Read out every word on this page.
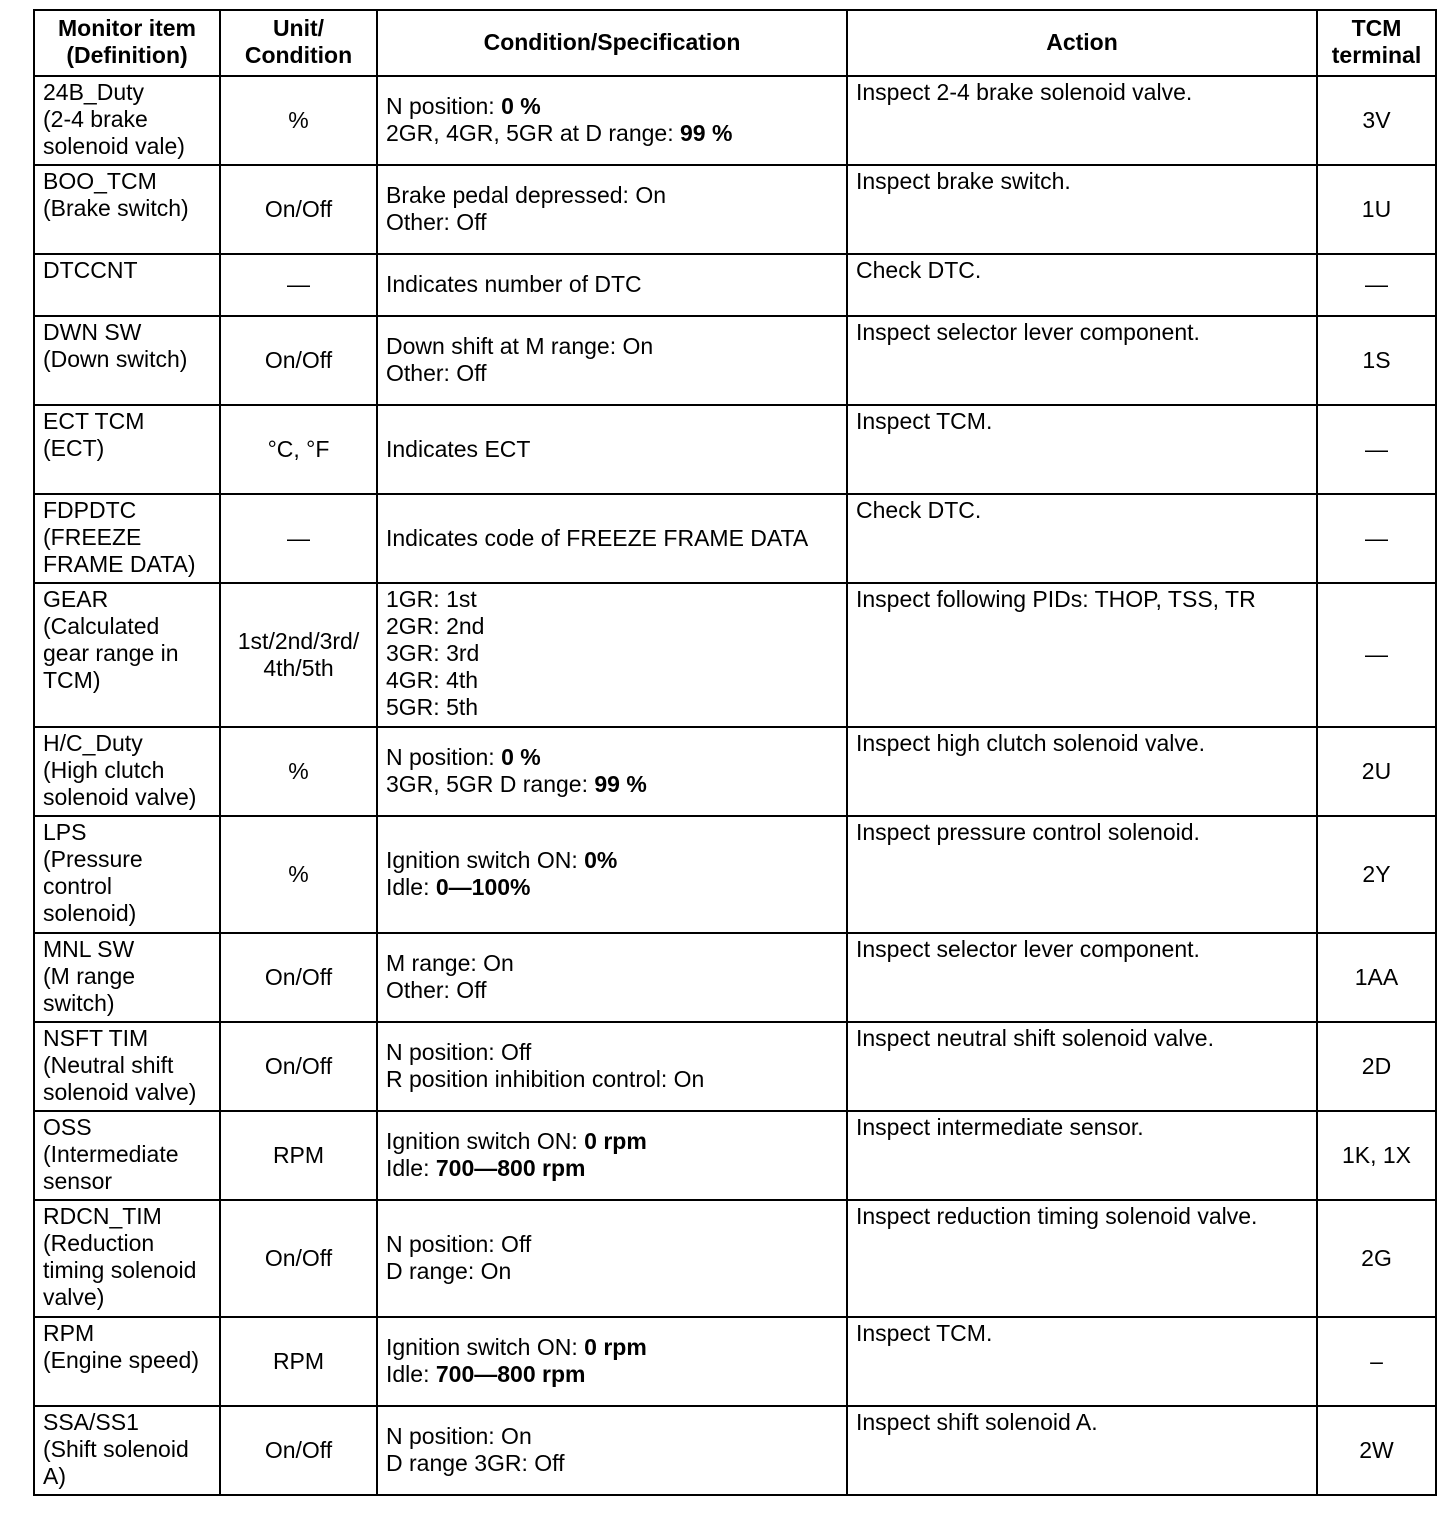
Monitor item
(Definition)	Unit/
Condition	Condition/Specification	Action	TCM
terminal

24B_Duty
(2-4 brake
solenoid vale)	%	N position: 0 %
2GR, 4GR, 5GR at D range: 99 %	Inspect 2-4 brake solenoid valve.	3V

BOO_TCM
(Brake switch)	On/Off	Brake pedal depressed: On
Other: Off	Inspect brake switch.	1U

DTCCNT	—	Indicates number of DTC	Check DTC.	—

DWN SW
(Down switch)	On/Off	Down shift at M range: On
Other: Off	Inspect selector lever component.	1S

ECT TCM
(ECT)	°C, °F	Indicates ECT	Inspect TCM.	—

FDPDTC
(FREEZE
FRAME DATA)	—	Indicates code of FREEZE FRAME DATA	Check DTC.	—

GEAR
(Calculated
gear range in
TCM)	1st/2nd/3rd/
4th/5th	1GR: 1st
2GR: 2nd
3GR: 3rd
4GR: 4th
5GR: 5th	Inspect following PIDs: THOP, TSS, TR	—

H/C_Duty
(High clutch
solenoid valve)	%	N position: 0 %
3GR, 5GR D range: 99 %	Inspect high clutch solenoid valve.	2U

LPS
(Pressure
control
solenoid)	%	Ignition switch ON: 0%
Idle: 0—100%	Inspect pressure control solenoid.	2Y

MNL SW
(M range
switch)	On/Off	M range: On
Other: Off	Inspect selector lever component.	1AA

NSFT TIM
(Neutral shift
solenoid valve)	On/Off	N position: Off
R position inhibition control: On	Inspect neutral shift solenoid valve.	2D

OSS
(Intermediate
sensor	RPM	Ignition switch ON: 0 rpm
Idle: 700—800 rpm	Inspect intermediate sensor.	1K, 1X

RDCN_TIM
(Reduction
timing solenoid
valve)	On/Off	N position: Off
D range: On	Inspect reduction timing solenoid valve.	2G

RPM
(Engine speed)	RPM	Ignition switch ON: 0 rpm
Idle: 700—800 rpm	Inspect TCM.	–

SSA/SS1
(Shift solenoid
A)	On/Off	N position: On
D range 3GR: Off	Inspect shift solenoid A.	2W
